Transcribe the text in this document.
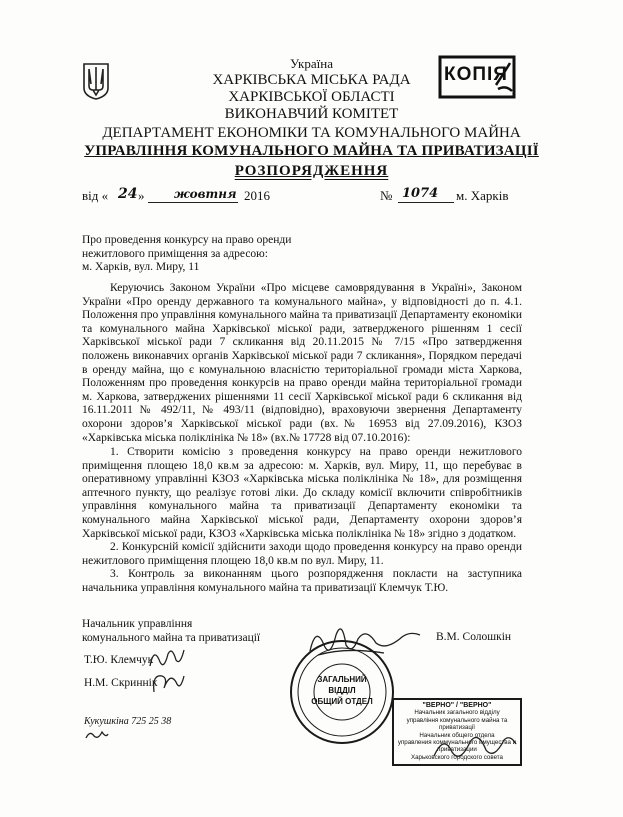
Україна
ХАРКІВСЬКА МІСЬКА РАДА
ХАРКІВСЬКОЇ ОБЛАСТІ
ВИКОНАВЧИЙ КОМІТЕТ
ДЕПАРТАМЕНТ ЕКОНОМІКИ ТА КОМУНАЛЬНОГО МАЙНА
УПРАВЛІННЯ КОМУНАЛЬНОГО МАЙНА ТА ПРИВАТИЗАЦІЇ
РОЗПОРЯДЖЕННЯ
КОПІЯ
від « 24 » жовтня 2016	№ 1074 м. Харків
Про проведення конкурсу на право оренди
нежитлового приміщення за адресою:
м. Харків, вул. Миру, 11

Керуючись Законом України «Про місцеве самоврядування в Україні», Законом України «Про оренду державного та комунального майна», у відповідності до п. 4.1. Положення про управління комунального майна та приватизації Департаменту економіки та комунального майна Харківської міської ради, затвердженого рішенням 1 сесії Харківської міської ради 7 скликання від 20.11.2015 № 7/15 «Про затвердження положень виконавчих органів Харківської міської ради 7 скликання», Порядком передачі в оренду майна, що є комунальною власністю територіальної громади міста Харкова, Положенням про проведення конкурсів на право оренди майна територіальної громади м. Харкова, затверджених рішеннями 11 сесії Харківської міської ради 6 скликання від 16.11.2011 № 492/11, № 493/11 (відповідно), враховуючи звернення Департаменту охорони здоров’я Харківської міської ради (вх.№ 16953 від 27.09.2016), КЗОЗ «Харківська міська поліклініка № 18» (вх.№ 17728 від 07.10.2016):

1. Створити комісію з проведення конкурсу на право оренди нежитлового приміщення площею 18,0 кв.м за адресою: м. Харків, вул. Миру, 11, що перебуває в оперативному управлінні КЗОЗ «Харківська міська поліклініка № 18», для розміщення аптечного пункту, що реалізує готові ліки. До складу комісії включити співробітників управління комунального майна та приватизації Департаменту економіки та комунального майна Харківської міської ради, Департаменту охорони здоров’я Харківської міської ради, КЗОЗ «Харківська міська поліклініка № 18» згідно з додатком.

2. Конкурсній комісії здійснити заходи щодо проведення конкурсу на право оренди нежитлового приміщення площею 18,0 кв.м по вул. Миру, 11.

3. Контроль за виконанням цього розпорядження покласти на заступника начальника управління комунального майна та приватизації Клемчук Т.Ю.

Начальник управління
комунального майна та приватизації	В.М. Солошкін
Т.Ю. Клемчук
Н.М. Скриннік
Кукушкіна 725 25 38
ЗАГАЛЬНИЙ
ВІДДІЛ
ОБЩИЙ ОТДЕЛ	"ВЕРНО" / "ВЕРНО"
Начальник загального відділу
управління комунального майна та приватизації
Начальник общего отдела
управления коммунального имущества и приватизации
Харьковского городского совета
